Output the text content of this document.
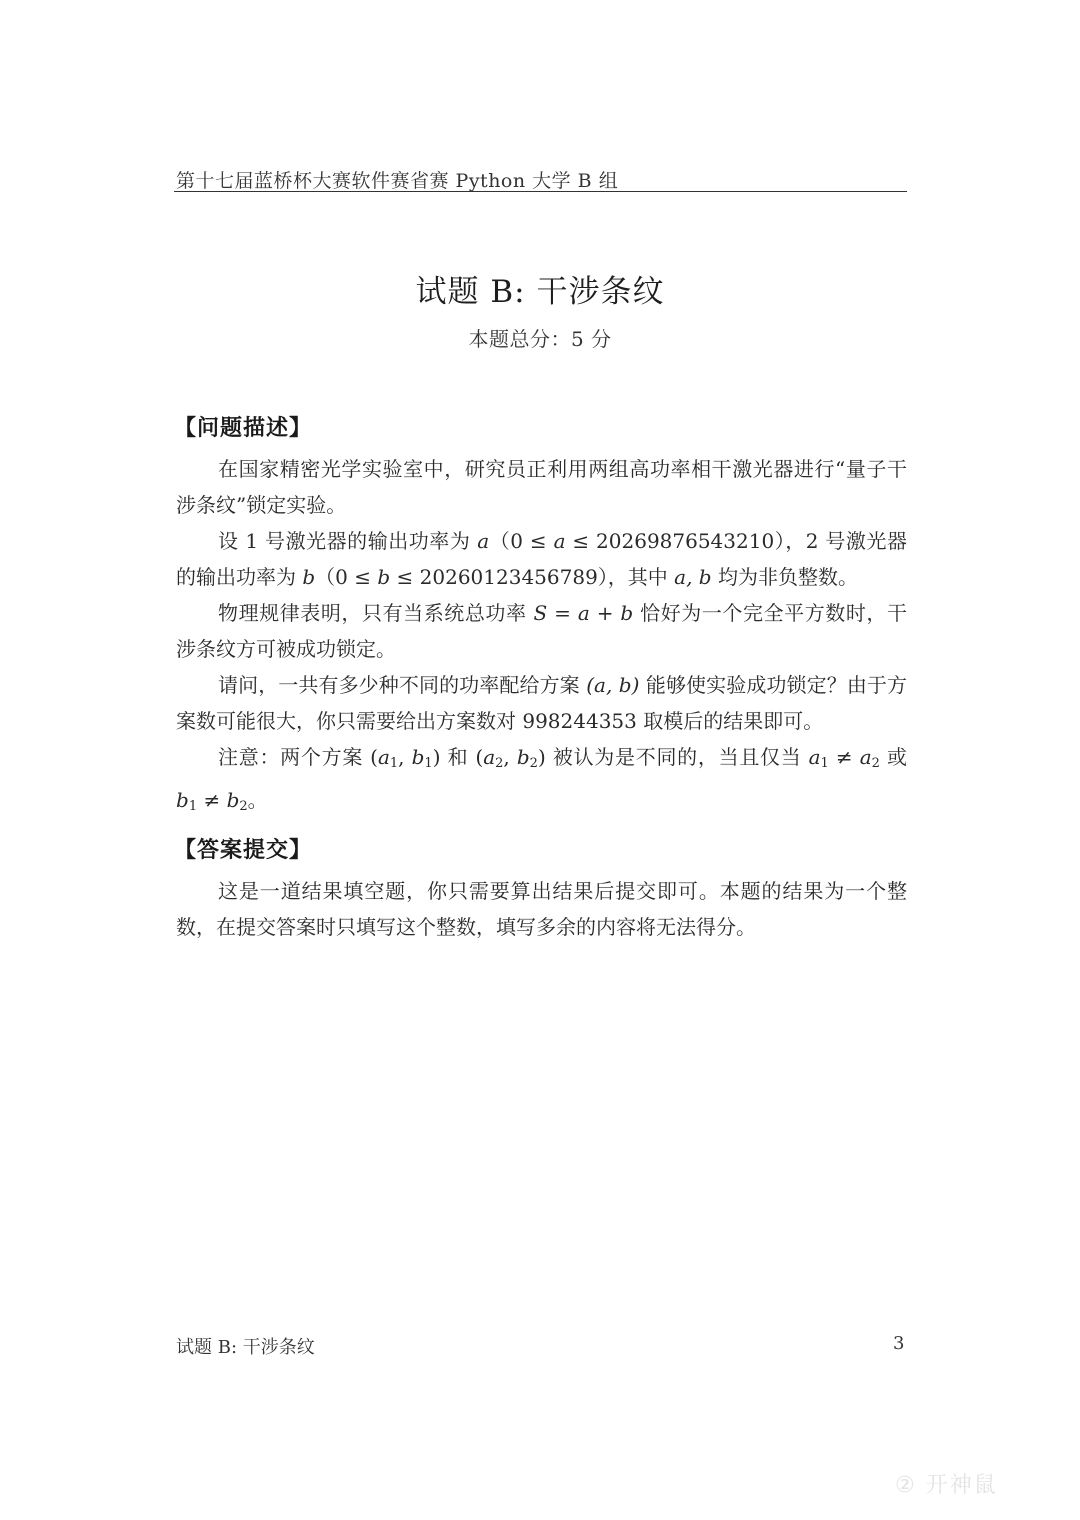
第十七届蓝桥杯大赛软件赛省赛 Python 大学 B 组
试题 B: 干涉条纹
本题总分：5 分
【问题描述】
在国家精密光学实验室中，研究员正利用两组高功率相干激光器进行“量子干涉条纹”锁定实验。
设 1 号激光器的输出功率为 a（0 ≤ a ≤ 20269876543210），2 号激光器的输出功率为 b（0 ≤ b ≤ 20260123456789），其中 a, b 均为非负整数。
物理规律表明，只有当系统总功率 S = a + b 恰好为一个完全平方数时，干涉条纹方可被成功锁定。
请问，一共有多少种不同的功率配给方案 (a, b) 能够使实验成功锁定？由于方案数可能很大，你只需要给出方案数对 998244353 取模后的结果即可。
注意：两个方案 ($a_1$, $b_1$) 和 ($a_2$, $b_2$) 被认为是不同的，当且仅当 $a_1 \ne a_2$ 或 $b_1 \ne b_2$。
【答案提交】
这是一道结果填空题，你只需要算出结果后提交即可。本题的结果为一个整数，在提交答案时只填写这个整数，填写多余的内容将无法得分。
试题 B: 干涉条纹	3
② 开神鼠
